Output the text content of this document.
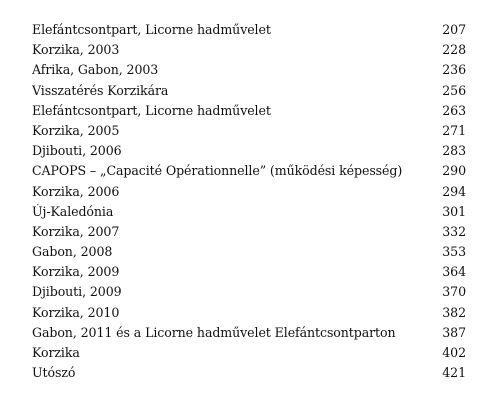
Elefántcsontpart, Licorne hadművelet	207
Korzika, 2003	228
Afrika, Gabon, 2003	236
Visszatérés Korzikára	256
Elefántcsontpart, Licorne hadművelet	263
Korzika, 2005	271
Djibouti, 2006	283
CAPOPS – „Capacité Opérationnelle” (működési képesség)	290
Korzika, 2006	294
Új-Kaledónia	301
Korzika, 2007	332
Gabon, 2008	353
Korzika, 2009	364
Djibouti, 2009	370
Korzika, 2010	382
Gabon, 2011 és a Licorne hadművelet Elefántcsontparton	387
Korzika	402
Utószó	421
